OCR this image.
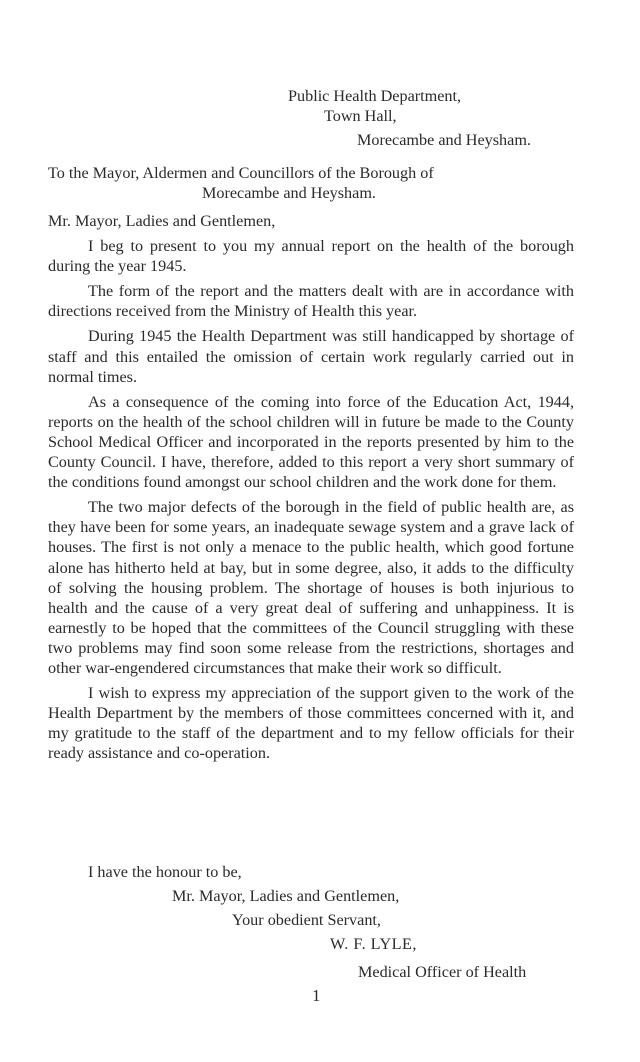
Public Health Department,
Town Hall,
Morecambe and Heysham.
To the Mayor, Aldermen and Councillors of the Borough of
Morecambe and Heysham.

Mr. Mayor, Ladies and Gentlemen,

I beg to present to you my annual report on the health of the borough during the year 1945.

The form of the report and the matters dealt with are in accordance with directions received from the Ministry of Health this year.

During 1945 the Health Department was still handicapped by shortage of staff and this entailed the omission of certain work regularly carried out in normal times.

As a consequence of the coming into force of the Education Act, 1944, reports on the health of the school children will in future be made to the County School Medical Officer and incorporated in the reports presented by him to the County Council. I have, therefore, added to this report a very short summary of the conditions found amongst our school children and the work done for them.

The two major defects of the borough in the field of public health are, as they have been for some years, an inadequate sewage system and a grave lack of houses. The first is not only a menace to the public health, which good fortune alone has hitherto held at bay, but in some degree, also, it adds to the difficulty of solving the housing problem. The shortage of houses is both injurious to health and the cause of a very great deal of suffering and unhappiness. It is earnestly to be hoped that the committees of the Council struggling with these two problems may find soon some release from the restrictions, shortages and other war-engendered circumstances that make their work so difficult.

I wish to express my appreciation of the support given to the work of the Health Department by the members of those committees concerned with it, and my gratitude to the staff of the department and to my fellow officials for their ready assistance and co-operation.

I have the honour to be,
Mr. Mayor, Ladies and Gentlemen,
Your obedient Servant,
W. F. LYLE,
Medical Officer of Health
1
